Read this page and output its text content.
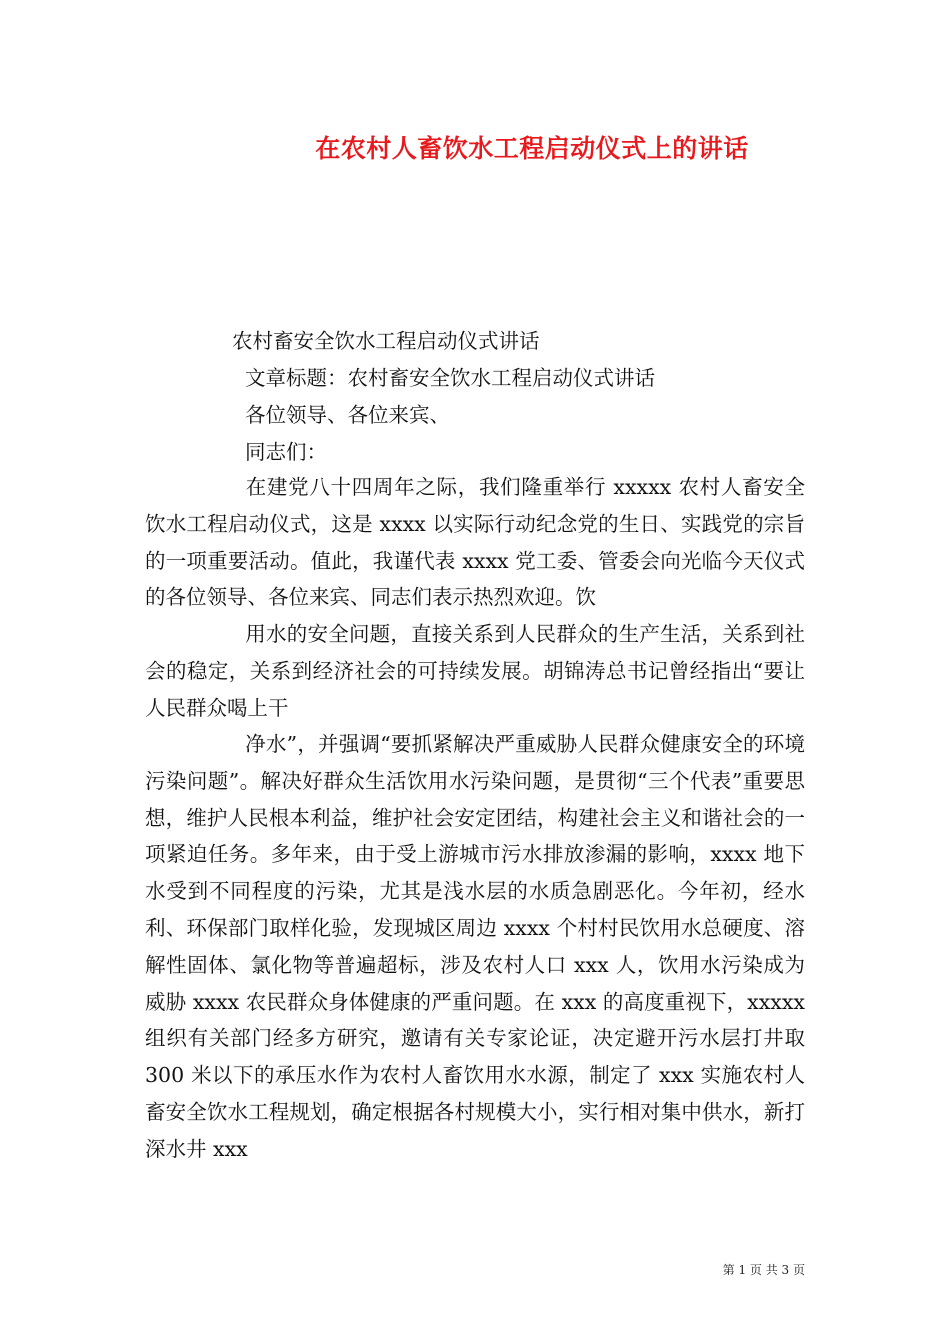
在农村人畜饮水工程启动仪式上的讲话
农村畜安全饮水工程启动仪式讲话
文章标题：农村畜安全饮水工程启动仪式讲话
各位领导、各位来宾、
同志们：
在建党八十四周年之际，我们隆重举行 xxxxx 农村人畜安全饮水工程启动仪式，这是 xxxx 以实际行动纪念党的生日、实践党的宗旨的一项重要活动。值此，我谨代表 xxxx 党工委、管委会向光临今天仪式的各位领导、各位来宾、同志们表示热烈欢迎。饮
用水的安全问题，直接关系到人民群众的生产生活，关系到社会的稳定，关系到经济社会的可持续发展。胡锦涛总书记曾经指出“要让人民群众喝上干
净水”，并强调“要抓紧解决严重威胁人民群众健康安全的环境污染问题”。解决好群众生活饮用水污染问题，是贯彻“三个代表”重要思想，维护人民根本利益，维护社会安定团结，构建社会主义和谐社会的一项紧迫任务。多年来，由于受上游城市污水排放渗漏的影响，xxxx 地下水受到不同程度的污染，尤其是浅水层的水质急剧恶化。今年初，经水利、环保部门取样化验，发现城区周边 xxxx 个村村民饮用水总硬度、溶解性固体、氯化物等普遍超标，涉及农村人口 xxx 人，饮用水污染成为威胁 xxxx 农民群众身体健康的严重问题。在 xxx 的高度重视下，xxxxx 组织有关部门经多方研究，邀请有关专家论证，决定避开污水层打井取 300 米以下的承压水作为农村人畜饮用水水源，制定了 xxx 实施农村人畜安全饮水工程规划，确定根据各村规模大小，实行相对集中供水，新打深水井 xxx
第 1 页 共 3 页
